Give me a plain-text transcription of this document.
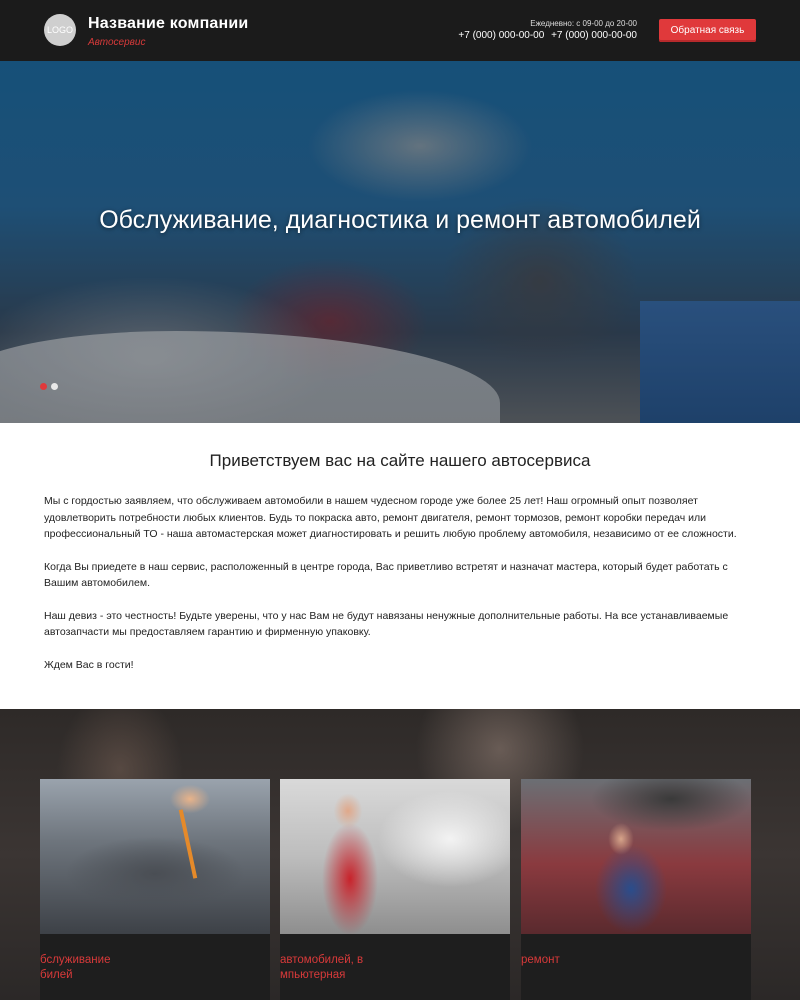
LOGO Название компании
Автосервис
Ежедневно: с 09-00 до 20-00
+7 (000) 000-00-00 +7 (000) 000-00-00	Обратная связь
Обслуживание, диагностика и ремонт автомобилей
Приветствуем вас на сайте нашего автосервиса

Мы с гордостью заявляем, что обслуживаем автомобили в нашем чудесном городе уже более 25 лет! Наш огромный опыт позволяет удовлетворить потребности любых клиентов. Будь то покраска авто, ремонт двигателя, ремонт тормозов, ремонт коробки передач или профессиональный ТО - наша автомастерская может диагностировать и решить любую проблему автомобиля, независимо от ее сложности.

Когда Вы приедете в наш сервис, расположенный в центре города, Вас приветливо встретят и назначат мастера, который будет работать с Вашим автомобилем.

Наш девиз - это честность! Будьте уверены, что у нас Вам не будут навязаны ненужные дополнительные работы. На все устанавливаемые автозапчасти мы предоставляем гарантию и фирменную упаковку.

Ждем Вас в гости!

бслуживание
билей
автомобилей, в
мпьютерная
ремонт
